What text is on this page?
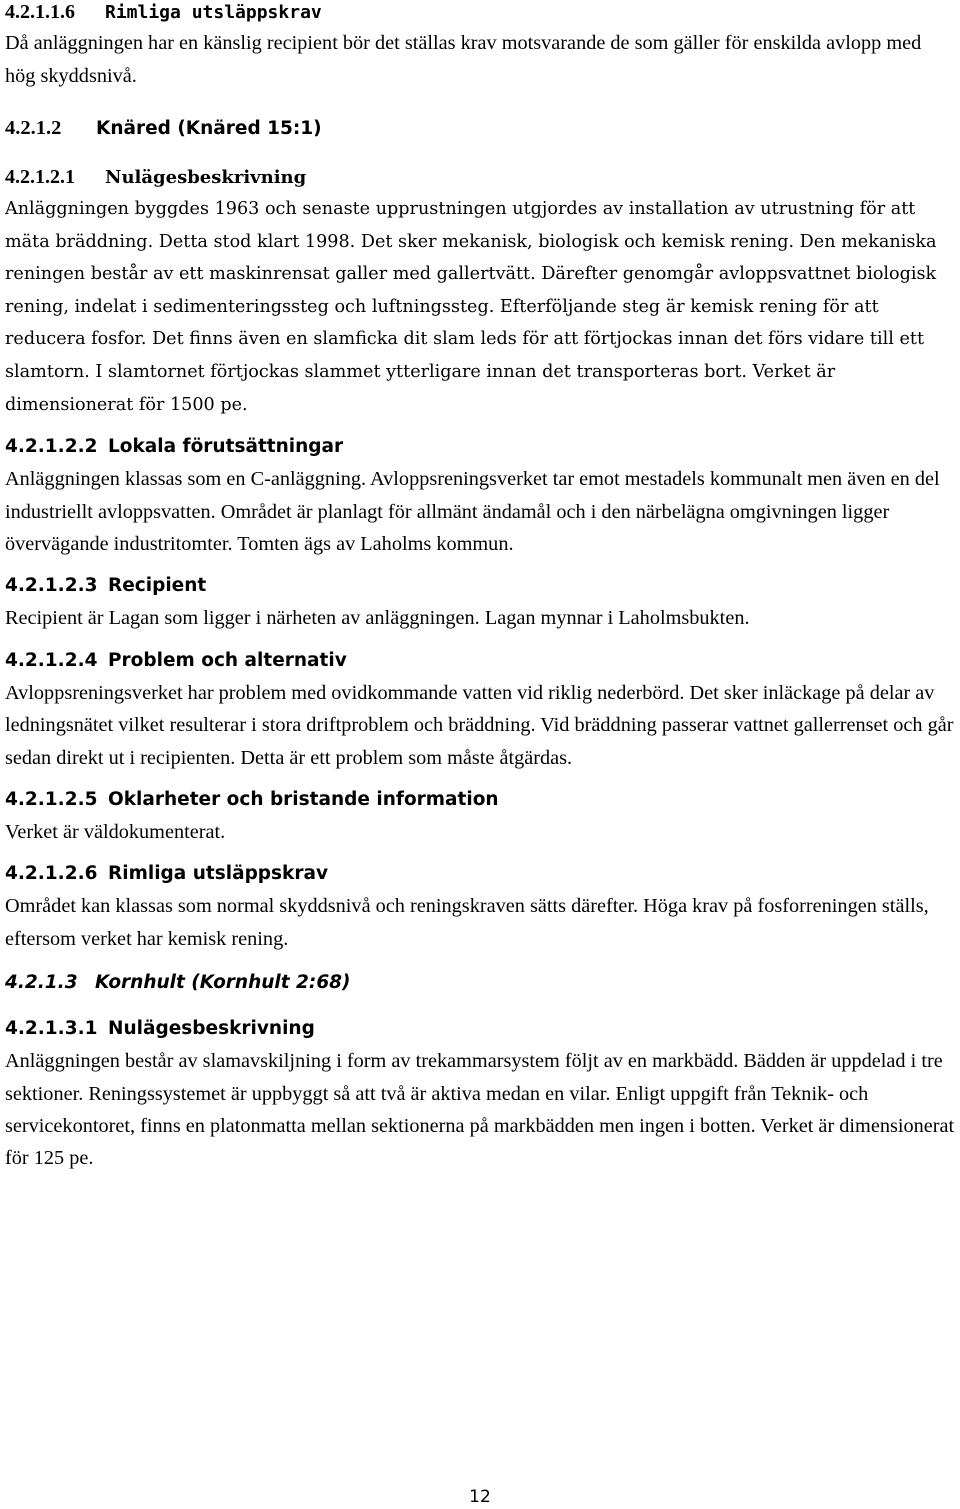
4.2.1.1.6 Rimliga utsläppskrav

Då anläggningen har en känslig recipient bör det ställas krav motsvarande de som gäller för enskilda avlopp med hög skyddsnivå.

4.2.1.2 Knäred (Knäred 15:1)
4.2.1.2.1 Nulägesbeskrivning

Anläggningen byggdes 1963 och senaste upprustningen utgjordes av installation av utrustning för att mäta bräddning. Detta stod klart 1998. Det sker mekanisk, biologisk och kemisk rening. Den mekaniska reningen består av ett maskinrensat galler med gallertvätt. Därefter genomgår avloppsvattnet biologisk rening, indelat i sedimenteringssteg och luftningssteg. Efterföljande steg är kemisk rening för att reducera fosfor. Det finns även en slamficka dit slam leds för att förtjockas innan det förs vidare till ett slamtorn. I slamtornet förtjockas slammet ytterligare innan det transporteras bort. Verket är dimensionerat för 1500 pe.

4.2.1.2.2 Lokala förutsättningar

Anläggningen klassas som en C-anläggning. Avloppsreningsverket tar emot mestadels kommunalt men även en del industriellt avloppsvatten. Området är planlagt för allmänt ändamål och i den närbelägna omgivningen ligger övervägande industritomter. Tomten ägs av Laholms kommun.

4.2.1.2.3 Recipient

Recipient är Lagan som ligger i närheten av anläggningen. Lagan mynnar i Laholmsbukten.

4.2.1.2.4 Problem och alternativ

Avloppsreningsverket har problem med ovidkommande vatten vid riklig nederbörd. Det sker inläckage på delar av ledningsnätet vilket resulterar i stora driftproblem och bräddning. Vid bräddning passerar vattnet gallerrenset och går sedan direkt ut i recipienten. Detta är ett problem som måste åtgärdas.

4.2.1.2.5 Oklarheter och bristande information

Verket är väldokumenterat.

4.2.1.2.6 Rimliga utsläppskrav

Området kan klassas som normal skyddsnivå och reningskraven sätts därefter. Höga krav på fosforreningen ställs, eftersom verket har kemisk rening.

4.2.1.3 Kornhult (Kornhult 2:68)
4.2.1.3.1 Nulägesbeskrivning

Anläggningen består av slamavskiljning i form av trekammarsystem följt av en markbädd. Bädden är uppdelad i tre sektioner. Reningssystemet är uppbyggt så att två är aktiva medan en vilar. Enligt uppgift från Teknik- och servicekontoret, finns en platonmatta mellan sektionerna på markbädden men ingen i botten. Verket är dimensionerat för 125 pe.

12
